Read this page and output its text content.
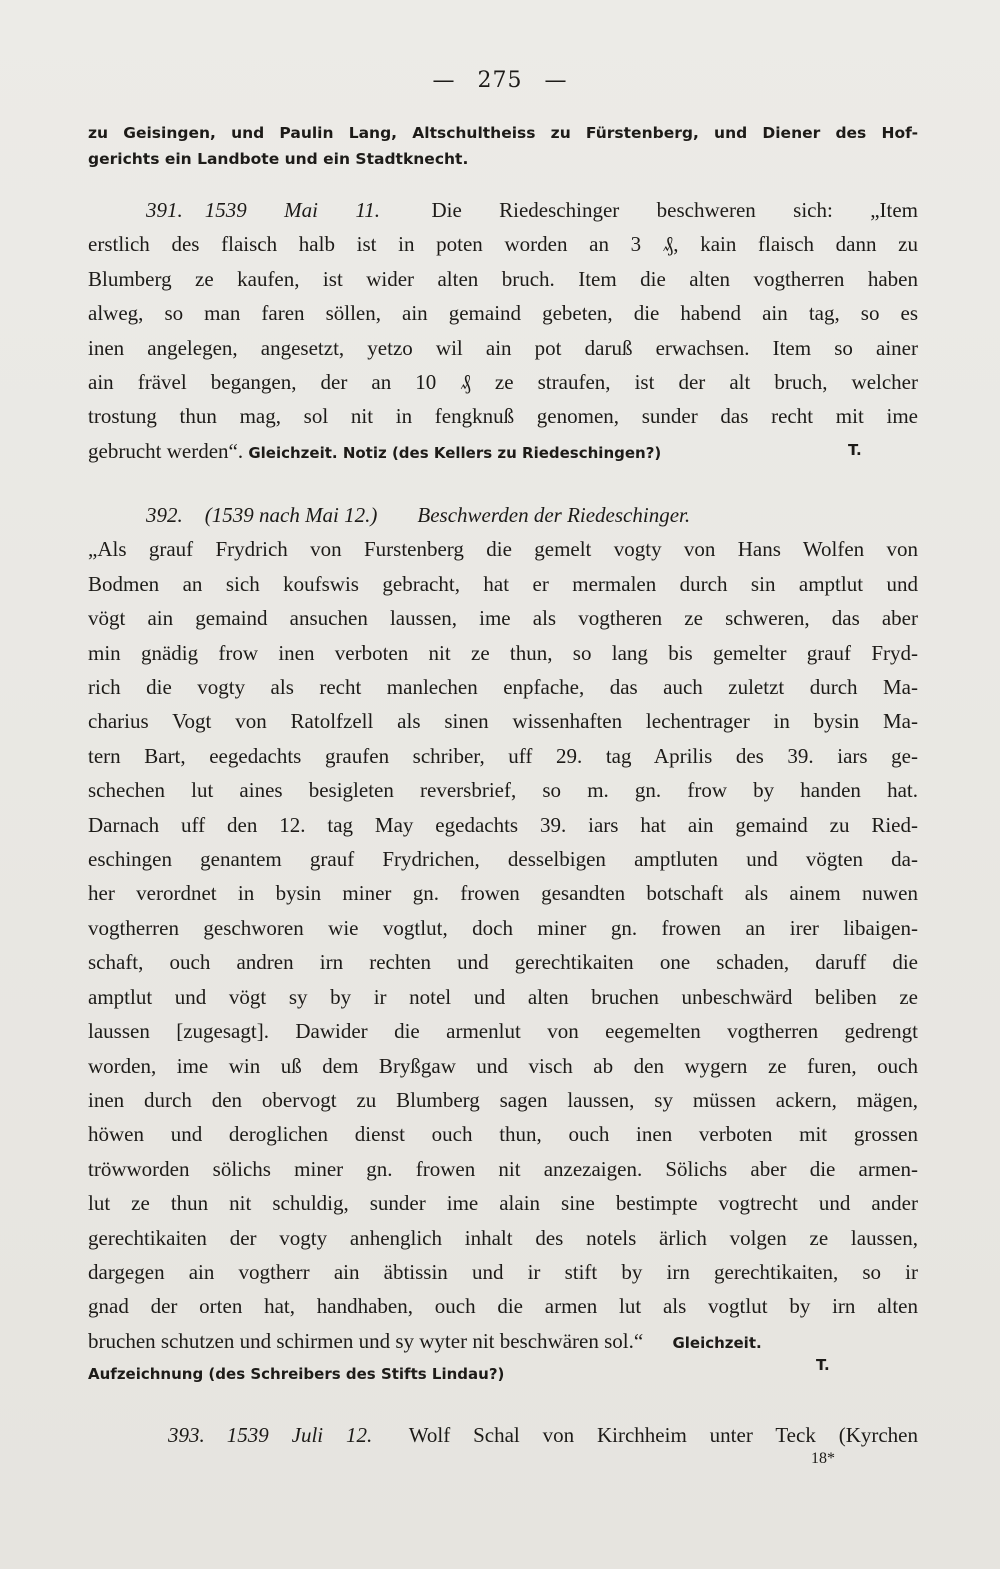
— 275 —
zu Geisingen, und Paulin Lang, Altschultheiss zu Fürstenberg, und Diener des Hof-
gerichts ein Landbote und ein Stadtknecht.
391. 1539 Mai 11. Die Riedeschinger beschweren sich: „Item
erstlich des flaisch halb ist in poten worden an 3 ₰, kain flaisch dann zu
Blumberg ze kaufen, ist wider alten bruch. Item die alten vogtherren haben
alweg, so man faren söllen, ain gemaind gebeten, die habend ain tag, so es
inen angelegen, angesetzt, yetzo wil ain pot daruß erwachsen. Item so ainer
ain frävel begangen, der an 10 ₰ ze straufen, ist der alt bruch, welcher
trostung thun mag, sol nit in fengknuß genomen, sunder das recht mit ime
gebrucht werden“. Gleichzeit. Notiz (des Kellers zu Riedeschingen?)	T.
392. (1539 nach Mai 12.) Beschwerden der Riedeschinger.
„Als grauf Frydrich von Furstenberg die gemelt vogty von Hans Wolfen von
Bodmen an sich koufswis gebracht, hat er mermalen durch sin amptlut und
vögt ain gemaind ansuchen laussen, ime als vogtheren ze schweren, das aber
min gnädig frow inen verboten nit ze thun, so lang bis gemelter grauf Fryd-
rich die vogty als recht manlechen enpfache, das auch zuletzt durch Ma-
charius Vogt von Ratolfzell als sinen wissenhaften lechentrager in bysin Ma-
tern Bart, eegedachts graufen schriber, uff 29. tag Aprilis des 39. iars ge-
schechen lut aines besigleten reversbrief, so m. gn. frow by handen hat.
Darnach uff den 12. tag May egedachts 39. iars hat ain gemaind zu Ried-
eschingen genantem grauf Frydrichen, desselbigen amptluten und vögten da-
her verordnet in bysin miner gn. frowen gesandten botschaft als ainem nuwen
vogtherren geschworen wie vogtlut, doch miner gn. frowen an irer libaigen-
schaft, ouch andren irn rechten und gerechtikaiten one schaden, daruff die
amptlut und vögt sy by ir notel und alten bruchen unbeschwärd beliben ze
laussen [zugesagt]. Dawider die armenlut von eegemelten vogtherren gedrengt
worden, ime win uß dem Bryßgaw und visch ab den wygern ze furen, ouch
inen durch den obervogt zu Blumberg sagen laussen, sy müssen ackern, mägen,
höwen und deroglichen dienst ouch thun, ouch inen verboten mit grossen
tröwworden sölichs miner gn. frowen nit anzezaigen. Sölichs aber die armen-
lut ze thun nit schuldig, sunder ime alain sine bestimpte vogtrecht und ander
gerechtikaiten der vogty anhenglich inhalt des notels ärlich volgen ze laussen,
dargegen ain vogtherr ain äbtissin und ir stift by irn gerechtikaiten, so ir
gnad der orten hat, handhaben, ouch die armen lut als vogtlut by irn alten
bruchen schutzen und schirmen und sy wyter nit beschwären sol.“ Gleichzeit.
Aufzeichnung (des Schreibers des Stifts Lindau?)
T.
393. 1539 Juli 12. Wolf Schal von Kirchheim unter Teck (Kyrchen
18*
